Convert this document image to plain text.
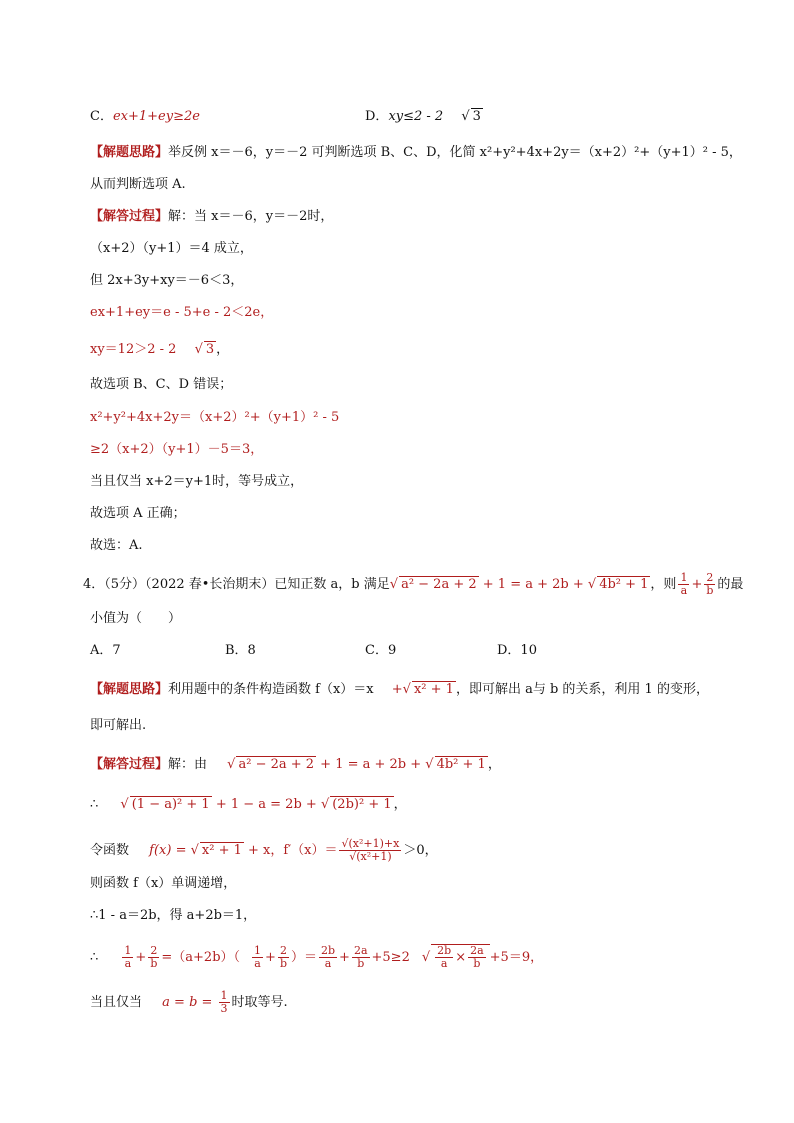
C．ex+1+ey≥2e	D．xy≤2 - 2 √ 3
【解题思路】举反例 x＝－6，y＝－2 可判断选项 B、C、D，化简 x²+y²+4x+2y＝（x+2）²+（y+1）² - 5，
从而判断选项 A.
【解答过程】解：当 x＝－6，y＝－2时，
（x+2）（y+1）＝4 成立，
但 2x+3y+xy＝－6＜3，
ex+1+ey＝e - 5+e - 2＜2e，
xy＝12＞2 - 2 √ 3 ，
故选项 B、C、D 错误；
x²+y²+4x+2y＝（x+2）²+（y+1）² - 5
≥2（x+2）（y+1）－5＝3，
当且仅当 x+2＝y+1时，等号成立，
故选项 A 正确；
故选：A.
4．（5分）（2022 春•长治期末）已知正数 a，b 满足√ a² − 2a + 2 + 1 = a + 2b + √ 4b² + 1 ，则 $\frac{1}{a} + \frac{2}{b}$ 的最
小值为（　　）
A．7	B．8	C．9	D．10
【解题思路】利用题中的条件构造函数 f（x）＝x +√ x² + 1 ，即可解出 a与 b 的关系，利用 1 的变形，
即可解出.
【解答过程】解：由 √ a² − 2a + 2 + 1 = a + 2b + √ 4b² + 1 ，
∴ √ (1 − a)² + 1 + 1 − a = 2b + √ (2b)² + 1 ，
令函数 f(x) = √ x² + 1 + x，$f'(x)= \frac{\text{√(x²+1)+x}}{\text{√(x²+1)}} >0$，
则函数 f（x）单调递增，
∴1 - a＝2b，得 a+2b＝1，
∴ $\frac{1}{a} + \frac{2}{b} =(a+2b)( \frac{1}{a} + \frac{2}{b}$ ）＝ $\frac{2b}{a} + \frac{2a}{b} +5\ge 2$ √ $\frac{2b}{a} \times \frac{2a}{b} +5=9$，
当且仅当 $a = b = \frac{1}{3}$ 时取等号.
